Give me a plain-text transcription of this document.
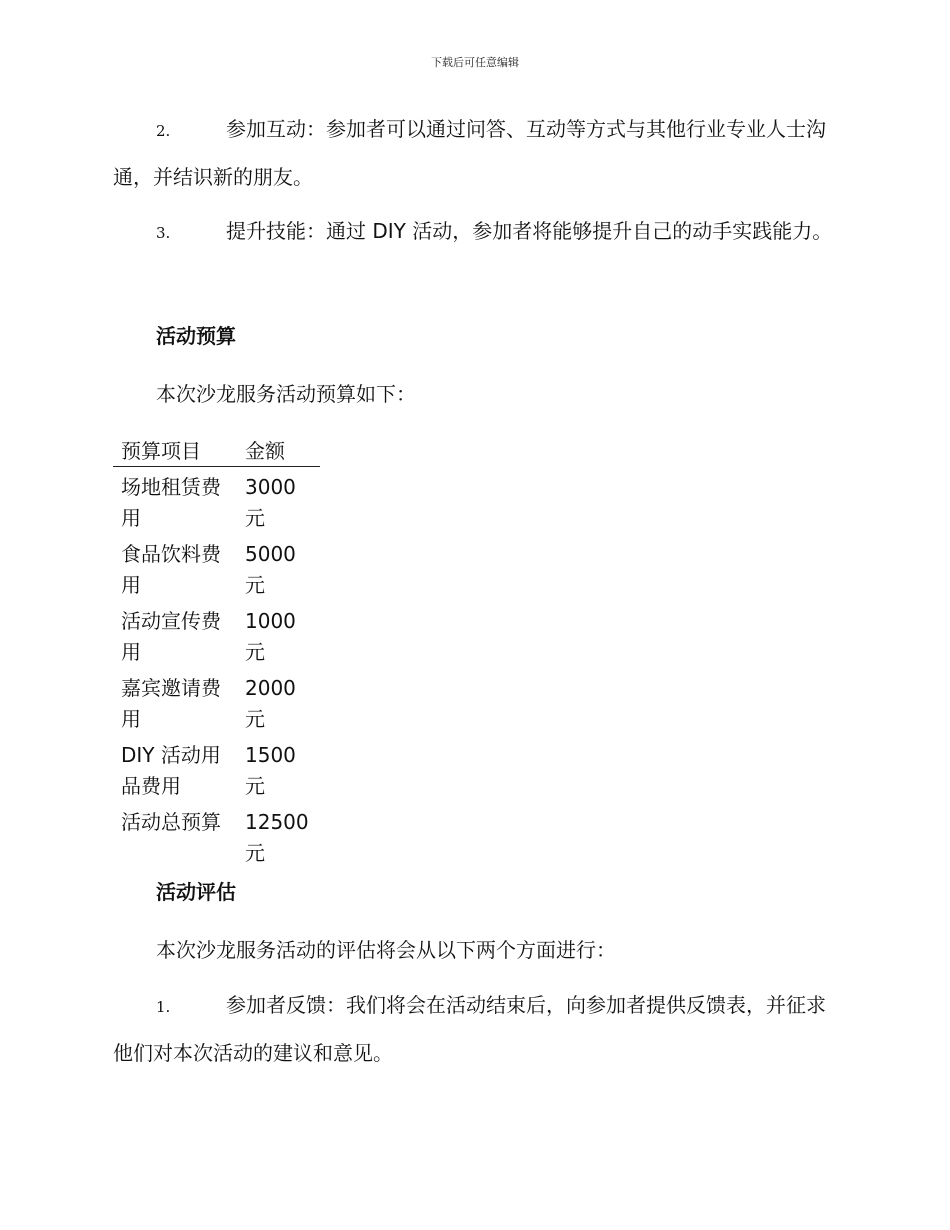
下载后可任意编辑

2.	参加互动：参加者可以通过问答、互动等方式与其他行业专业人士沟通，并结识新的朋友。

3.	提升技能：通过 DIY 活动，参加者将能够提升自己的动手实践能力。

活动预算

本次沙龙服务活动预算如下：

预算项目	金额
场地租赁费用	3000 元
食品饮料费用	5000 元
活动宣传费用	1000 元
嘉宾邀请费用	2000 元
DIY 活动用品费用	1500 元
活动总预算	12500 元

活动评估

本次沙龙服务活动的评估将会从以下两个方面进行：

1.	参加者反馈：我们将会在活动结束后，向参加者提供反馈表，并征求他们对本次活动的建议和意见。
